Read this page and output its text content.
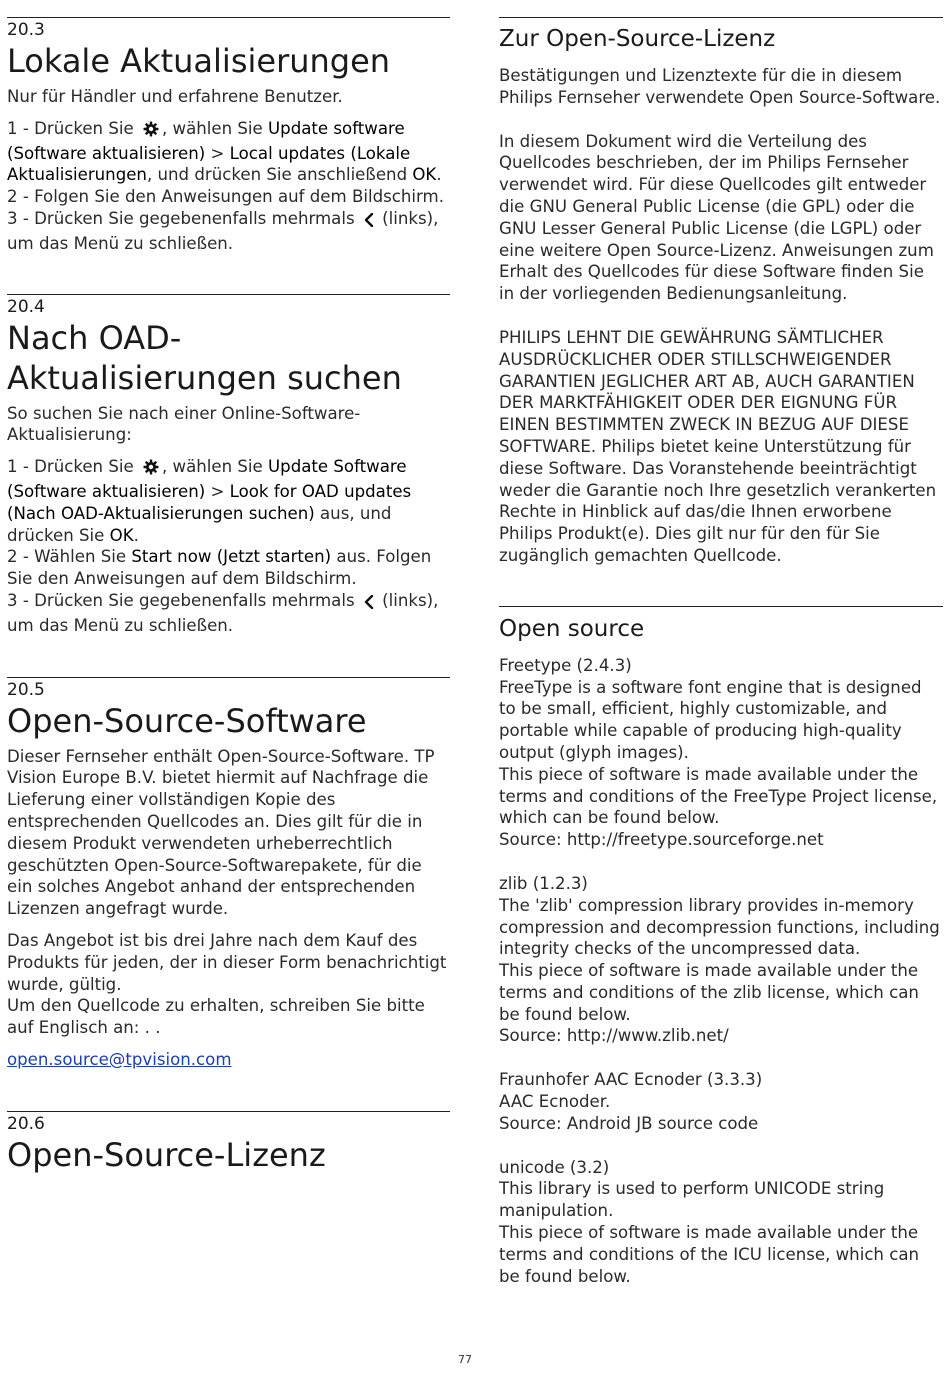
20.3
Lokale Aktualisierungen

Nur für Händler und erfahrene Benutzer.

1 - Drücken Sie , wählen Sie Update software (Software aktualisieren) > Local updates (Lokale Aktualisierungen, und drücken Sie anschließend OK.

2 - Folgen Sie den Anweisungen auf dem Bildschirm.

3 - Drücken Sie gegebenenfalls mehrmals  (links), um das Menü zu schließen.

20.4
Nach OAD-Aktualisierungen suchen

So suchen Sie nach einer Online-Software-Aktualisierung:

1 - Drücken Sie , wählen Sie Update Software (Software aktualisieren) > Look for OAD updates (Nach OAD-Aktualisierungen suchen) aus, und drücken Sie OK.

2 - Wählen Sie Start now (Jetzt starten) aus. Folgen Sie den Anweisungen auf dem Bildschirm.

3 - Drücken Sie gegebenenfalls mehrmals  (links), um das Menü zu schließen.

20.5
Open-Source-Software

Dieser Fernseher enthält Open-Source-Software. TP Vision Europe B.V. bietet hiermit auf Nachfrage die Lieferung einer vollständigen Kopie des entsprechenden Quellcodes an. Dies gilt für die in diesem Produkt verwendeten urheberrechtlich geschützten Open-Source-Softwarepakete, für die ein solches Angebot anhand der entsprechenden Lizenzen angefragt wurde.

Das Angebot ist bis drei Jahre nach dem Kauf des Produkts für jeden, der in dieser Form benachrichtigt wurde, gültig.

Um den Quellcode zu erhalten, schreiben Sie bitte auf Englisch an: . .

open.source@tpvision.com
20.6
Open-Source-Lizenz
Zur Open-Source-Lizenz

Bestätigungen und Lizenztexte für die in diesem Philips Fernseher verwendete Open Source-Software.

In diesem Dokument wird die Verteilung des Quellcodes beschrieben, der im Philips Fernseher verwendet wird. Für diese Quellcodes gilt entweder die GNU General Public License (die GPL) oder die GNU Lesser General Public License (die LGPL) oder eine weitere Open Source-Lizenz. Anweisungen zum Erhalt des Quellcodes für diese Software finden Sie in der vorliegenden Bedienungsanleitung.

PHILIPS LEHNT DIE GEWÄHRUNG SÄMTLICHER AUSDRÜCKLICHER ODER STILLSCHWEIGENDER GARANTIEN JEGLICHER ART AB, AUCH GARANTIEN DER MARKTFÄHIGKEIT ODER DER EIGNUNG FÜR EINEN BESTIMMTEN ZWECK IN BEZUG AUF DIESE SOFTWARE. Philips bietet keine Unterstützung für diese Software. Das Voranstehende beeinträchtigt weder die Garantie noch Ihre gesetzlich verankerten Rechte in Hinblick auf das/die Ihnen erworbene Philips Produkt(e). Dies gilt nur für den für Sie zugänglich gemachten Quellcode.

Open source

Freetype (2.4.3)

FreeType is a software font engine that is designed to be small, efficient, highly customizable, and portable while capable of producing high-quality output (glyph images).

This piece of software is made available under the terms and conditions of the FreeType Project license, which can be found below.

Source: http://freetype.sourceforge.net

zlib (1.2.3)

The 'zlib' compression library provides in-memory compression and decompression functions, including integrity checks of the uncompressed data.

This piece of software is made available under the terms and conditions of the zlib license, which can be found below.

Source: http://www.zlib.net/

Fraunhofer AAC Ecnoder (3.3.3)

AAC Ecnoder.

Source: Android JB source code

unicode (3.2)

This library is used to perform UNICODE string manipulation.

This piece of software is made available under the terms and conditions of the ICU license, which can be found below.

77
